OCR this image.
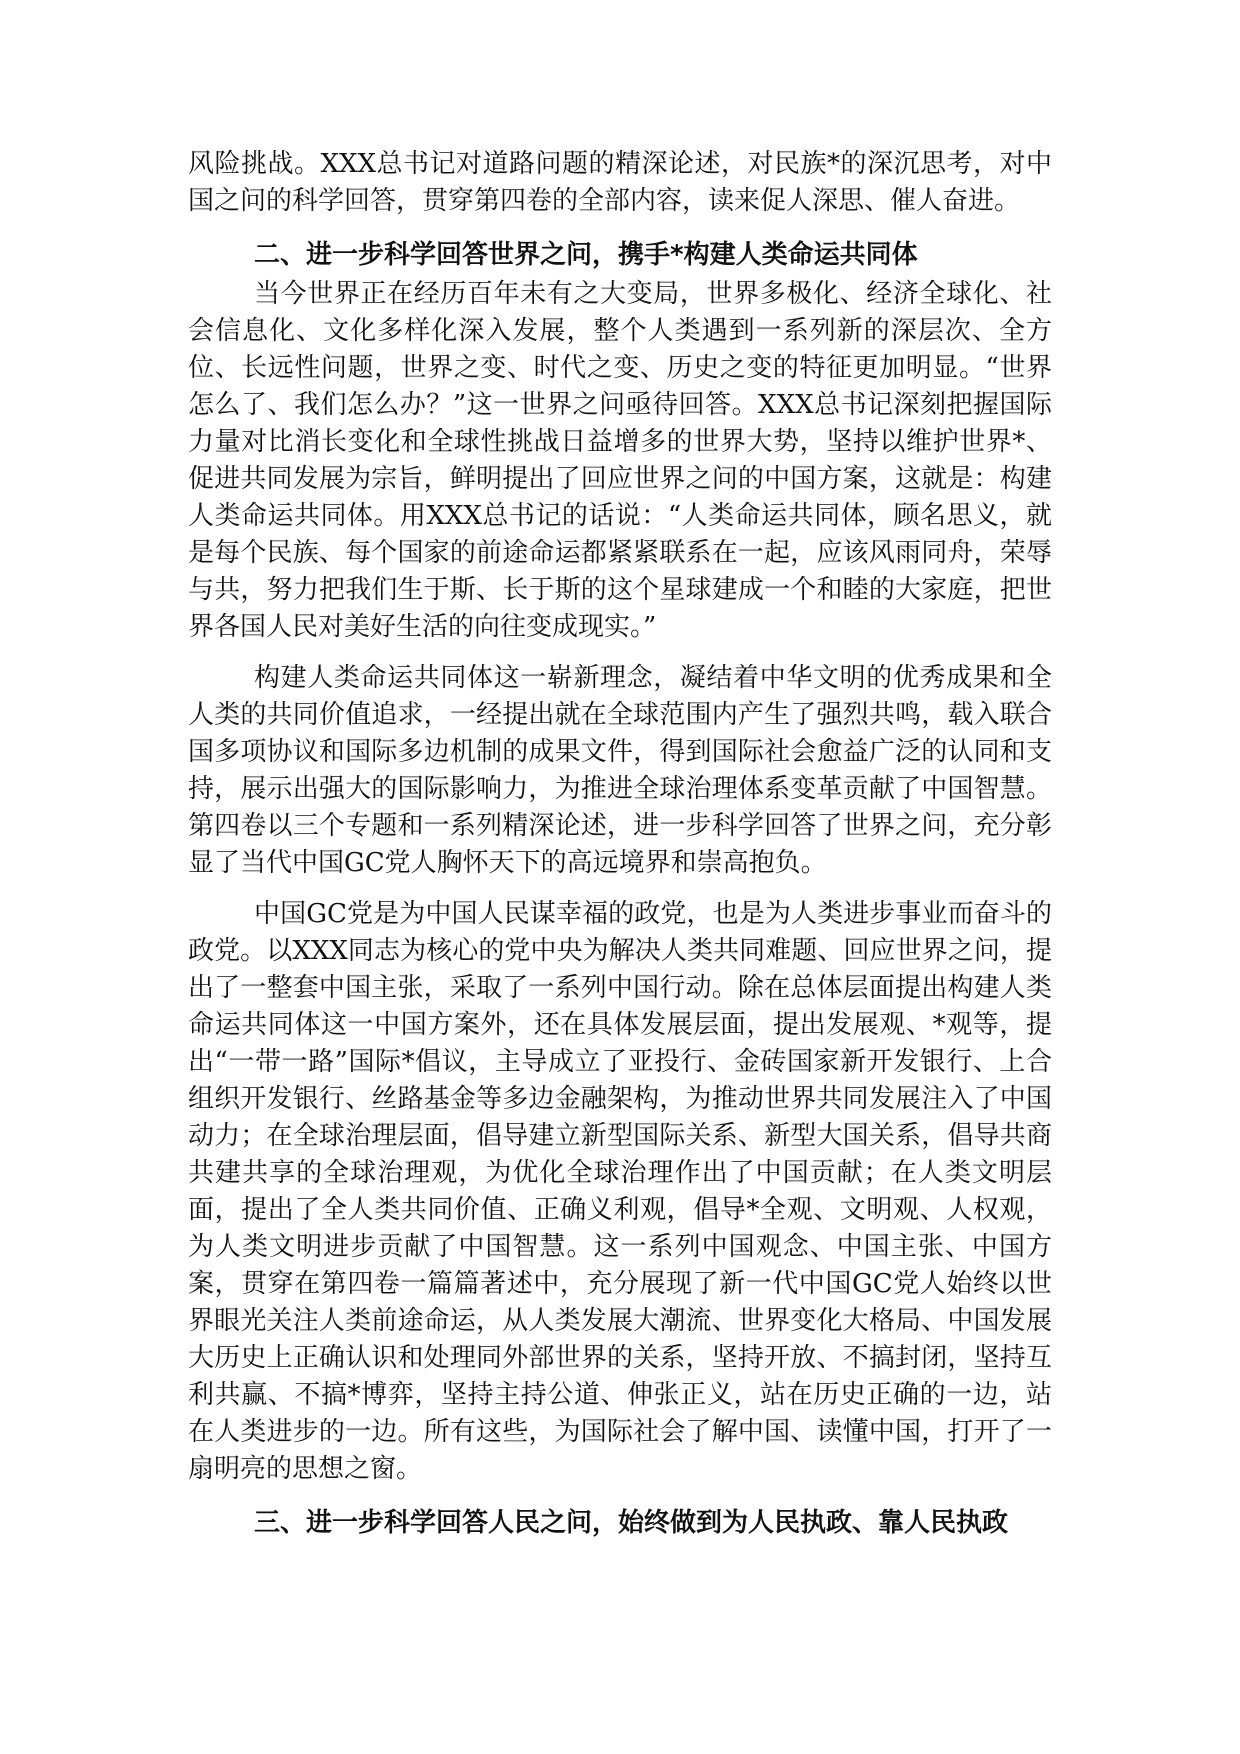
风险挑战。XXX总书记对道路问题的精深论述，对民族*的深沉思考，对中国之问的科学回答，贯穿第四卷的全部内容，读来促人深思、催人奋进。

二、进一步科学回答世界之问，携手*构建人类命运共同体

当今世界正在经历百年未有之大变局，世界多极化、经济全球化、社会信息化、文化多样化深入发展，整个人类遇到一系列新的深层次、全方位、长远性问题，世界之变、时代之变、历史之变的特征更加明显。“世界怎么了、我们怎么办？”这一世界之问亟待回答。XXX总书记深刻把握国际力量对比消长变化和全球性挑战日益增多的世界大势，坚持以维护世界*、促进共同发展为宗旨，鲜明提出了回应世界之问的中国方案，这就是：构建人类命运共同体。用XXX总书记的话说：“人类命运共同体，顾名思义，就是每个民族、每个国家的前途命运都紧紧联系在一起，应该风雨同舟，荣辱与共，努力把我们生于斯、长于斯的这个星球建成一个和睦的大家庭，把世界各国人民对美好生活的向往变成现实。”

构建人类命运共同体这一崭新理念，凝结着中华文明的优秀成果和全人类的共同价值追求，一经提出就在全球范围内产生了强烈共鸣，载入联合国多项协议和国际多边机制的成果文件，得到国际社会愈益广泛的认同和支持，展示出强大的国际影响力，为推进全球治理体系变革贡献了中国智慧。第四卷以三个专题和一系列精深论述，进一步科学回答了世界之问，充分彰显了当代中国GC党人胸怀天下的高远境界和崇高抱负。

中国GC党是为中国人民谋幸福的政党，也是为人类进步事业而奋斗的政党。以XXX同志为核心的党中央为解决人类共同难题、回应世界之问，提出了一整套中国主张，采取了一系列中国行动。除在总体层面提出构建人类命运共同体这一中国方案外，还在具体发展层面，提出发展观、*观等，提出“一带一路”国际*倡议，主导成立了亚投行、金砖国家新开发银行、上合组织开发银行、丝路基金等多边金融架构，为推动世界共同发展注入了中国动力；在全球治理层面，倡导建立新型国际关系、新型大国关系，倡导共商共建共享的全球治理观，为优化全球治理作出了中国贡献；在人类文明层面，提出了全人类共同价值、正确义利观，倡导*全观、文明观、人权观，为人类文明进步贡献了中国智慧。这一系列中国观念、中国主张、中国方案，贯穿在第四卷一篇篇著述中，充分展现了新一代中国GC党人始终以世界眼光关注人类前途命运，从人类发展大潮流、世界变化大格局、中国发展大历史上正确认识和处理同外部世界的关系，坚持开放、不搞封闭，坚持互利共赢、不搞*博弈，坚持主持公道、伸张正义，站在历史正确的一边，站在人类进步的一边。所有这些，为国际社会了解中国、读懂中国，打开了一扇明亮的思想之窗。

三、进一步科学回答人民之问，始终做到为人民执政、靠人民执政
